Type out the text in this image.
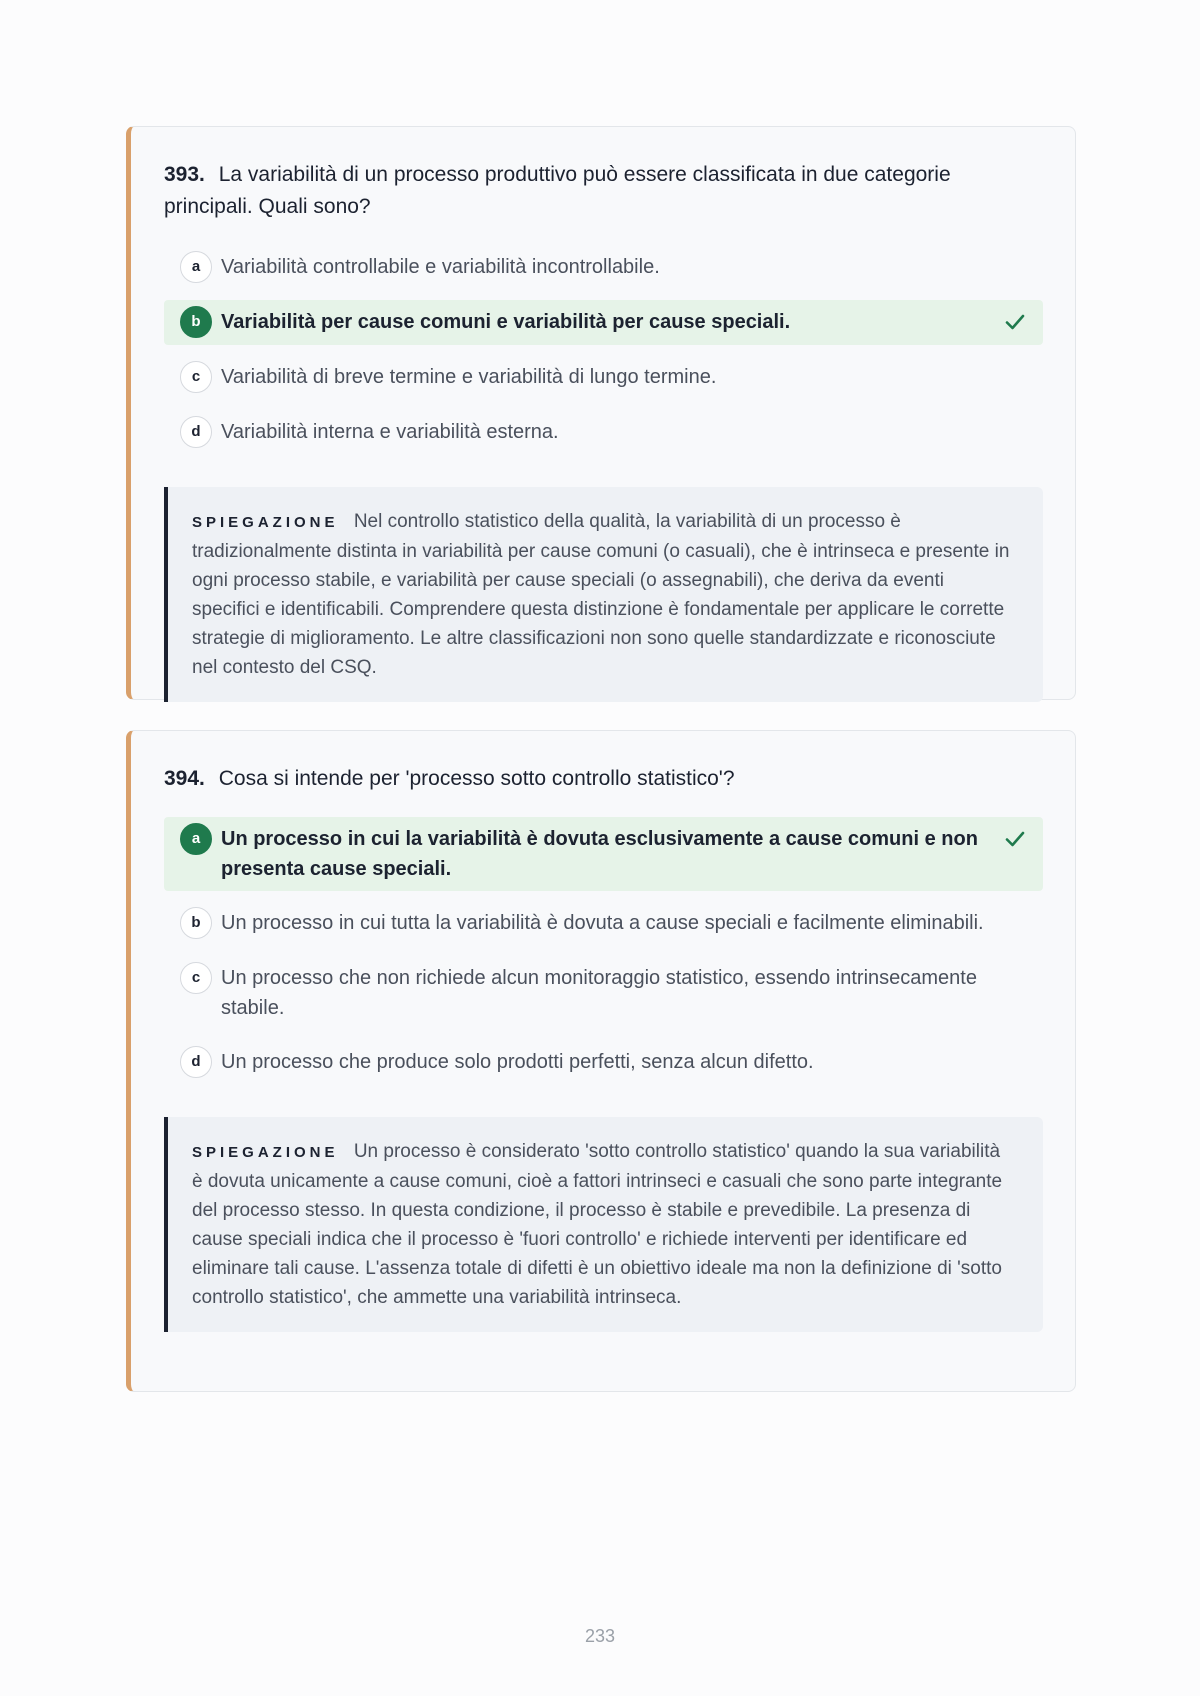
393. La variabilità di un processo produttivo può essere classificata in due categorie principali. Quali sono?
a	Variabilità controllabile e variabilità incontrollabile.
b	Variabilità per cause comuni e variabilità per cause speciali.
c	Variabilità di breve termine e variabilità di lungo termine.
d	Variabilità interna e variabilità esterna.
SPIEGAZIONE Nel controllo statistico della qualità, la variabilità di un processo è tradizionalmente distinta in variabilità per cause comuni (o casuali), che è intrinseca e presente in ogni processo stabile, e variabilità per cause speciali (o assegnabili), che deriva da eventi specifici e identificabili. Comprendere questa distinzione è fondamentale per applicare le corrette strategie di miglioramento. Le altre classificazioni non sono quelle standardizzate e riconosciute nel contesto del CSQ.
394. Cosa si intende per 'processo sotto controllo statistico'?
a	Un processo in cui la variabilità è dovuta esclusivamente a cause comuni e non presenta cause speciali.
b	Un processo in cui tutta la variabilità è dovuta a cause speciali e facilmente eliminabili.
c	Un processo che non richiede alcun monitoraggio statistico, essendo intrinsecamente stabile.
d	Un processo che produce solo prodotti perfetti, senza alcun difetto.
SPIEGAZIONE Un processo è considerato 'sotto controllo statistico' quando la sua variabilità è dovuta unicamente a cause comuni, cioè a fattori intrinseci e casuali che sono parte integrante del processo stesso. In questa condizione, il processo è stabile e prevedibile. La presenza di cause speciali indica che il processo è 'fuori controllo' e richiede interventi per identificare ed eliminare tali cause. L'assenza totale di difetti è un obiettivo ideale ma non la definizione di 'sotto controllo statistico', che ammette una variabilità intrinseca.
233
